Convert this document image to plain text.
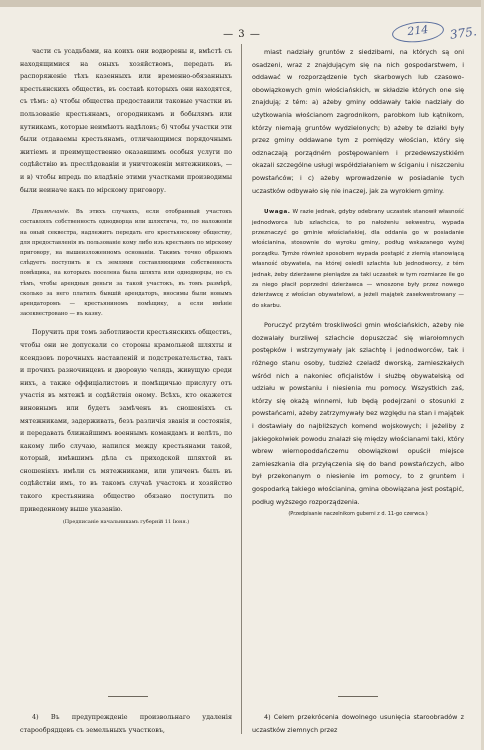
— 3 —	214	375.

части съ усадьбами, на коихъ они водворены и, вмѣстѣ съ находящимися на оныхъ хозяйствомъ, передать въ распоряженіе тѣхъ казенныхъ или временно-обязанныхъ крестьянскихъ обществъ, въ составѣ которыхъ они находятся, съ тѣмъ: а) чтобы общества предоставили таковые участки въ пользованіе крестьянамъ, огородникамъ и бобылямъ или кутникамъ, которые неимѣютъ надѣловъ; б) чтобы участки эти были отдаваемы крестьянамъ, отличающимся порядочнымъ житіемъ и преимущественно оказавшимъ особыя услуги по содѣйствію въ преслѣдованіи и уничтоженіи мятежниковъ, — и в) чтобы впредь по владѣніе этими участками производимы были неиначе какъ по мірскому приговору.

Примѣчаніе. Въ этихъ случаяхъ, если отобранный участокъ составлялъ собственность однодворца или шляхтича, то, по наложеніи на оный секвестра, надлежитъ передать его крестьянскому обществу, для предоставленія въ пользованіе кому либо изъ крестьянъ по мірскому приговору, на вышеизложенномъ основаніи. Такимъ точно образомъ слѣдуетъ поступить и съ землями составляющими собственность помѣщика, на которыхъ поселена была шляхта или однодворцы, но съ тѣмъ, чтобы арендныя деньги за такой участокъ, въ томъ размѣрѣ, сколько за него платилъ бывшій арендаторъ, вносимы были новымъ арендаторомъ — крестьяниномъ помѣщику, а если имѣніе засеквестровано — въ казну.

Поручить при томъ заботливости крестьянскихъ обществъ, чтобы они не допускали со стороны крамольной шляхты и ксендзовъ порочныхъ наставленій и подстрекательства, такъ и прочихъ разночинцевъ и дворовую челядь, живущую среди нихъ, а также оффиціалистовъ и помѣщичью прислугу отъ участія въ мятежѣ и содѣйствія оному. Всѣхъ, кто окажется виновнымъ или будетъ замѣченъ въ сношеніяхъ съ мятежниками, задерживать, безъ различія званія и состоянія, и передавать ближайшимъ военнымъ командамъ и велѣть, по какому либо случаю, напился между крестьянами такой, который, имѣвшимъ дѣла съ приходской шляхтой въ сношеніяхъ имѣли съ мятежниками, или уличенъ былъ въ содѣйствіи имъ, то въ такомъ случаѣ участокъ и хозяйство такого крестьянина общество обязано поступить по приведенному выше указанію.

(Предписаніе начальникамъ губерній 11 Іюня.)

miast nadziały gruntów z siedzibami, na których są oni osadzeni, wraz z znajdującym się na nich gospodarstwem, i oddawać w rozporządzenie tych skarbowych lub czasowo-obowiązkowych gmin włościańskich, w składzie których one się znajdują; z tém: a) ażeby gminy oddawały takie nadziały do użytkowania włościanom zagrodnikom, parobkom lub kątnikom, którzy niemają gruntów wydzielonych; b) ażeby te działki były przez gminy oddawane tym z pomiędzy włościan, który się odznaczają porządném postępowaniem i przedewszystkiém okazali szczególne usługi współdziałaniem w ściganiu i niszczeniu powstańców; i c) ażeby wprowadzenie w posiadanie tych uczastków odbywało się nie inaczej, jak za wyrokiem gminy.

Uwaga. W razie jednak, gdyby odebrany uczastek stanowił własność jednodworca lub szlachcica, to po nałożeniu sekwestru, wypada przeznaczyć go gminie włościańskiej, dla oddania go w posiadanie włościanina, stosownie do wyroku gminy, podług wskazanego wyżej porządku. Tymże również sposobem wypada postąpić z ziemią stanowiącą własność obywatela, na której osiedli szlachta lub jednodworcy, z tém jednak, żeby dzierżawne pieniądze za taki uczastek w tym rozmiarze ile go za niego płacił poprzedni dzierżawca — wnoszone były przez nowego dzierżawcę z włościan obywatelowi, a jeżeli majątek zasekwestrowany — do skarbu.

Poruczyć przytém troskliwości gmin włościańskich, ażeby nie dozwalały burzliwej szlachcie dopuszczać się wiarołomnych postępków i wstrzymywały jak szlachtę i jednodworców, tak i różnego stanu osoby, tudzież czeladź dworską, zamieszkałych wśród nich a nakoniec oficjalistów i służbę obywatelską od udziału w powstaniu i niesienia mu pomocy. Wszystkich zaś, którzy się okażą winnemi, lub będą podejrzani o stosunki z powstańcami, ażeby zatrzymywały bez względu na stan i majątek i dostawiały do najbliższych komend wojskowych; i jeżeliby z jakiegokolwiek powodu znalazł się między włościanami taki, który wbrew wiernopoddańczemu obowiązkowi opuścił miejsce zamieszkania dla przyłączenia się do band powstańczych, albo był przekonanym o niesienie im pomocy, to z gruntem i gospodarką takiego włościanina, gmina obowiązana jest postąpić, podług wyższego rozporządzenia.

(Przedpisanie naczelnikom guberni z d. 11-go czerwca.)

4) Въ предупрежденіе произвольнаго удаленія старообрядцевъ съ земельныхъ участковъ,

4) Celem przekrócenia dowolnego usunięcia staroobradów z uczastków ziemnych przez
